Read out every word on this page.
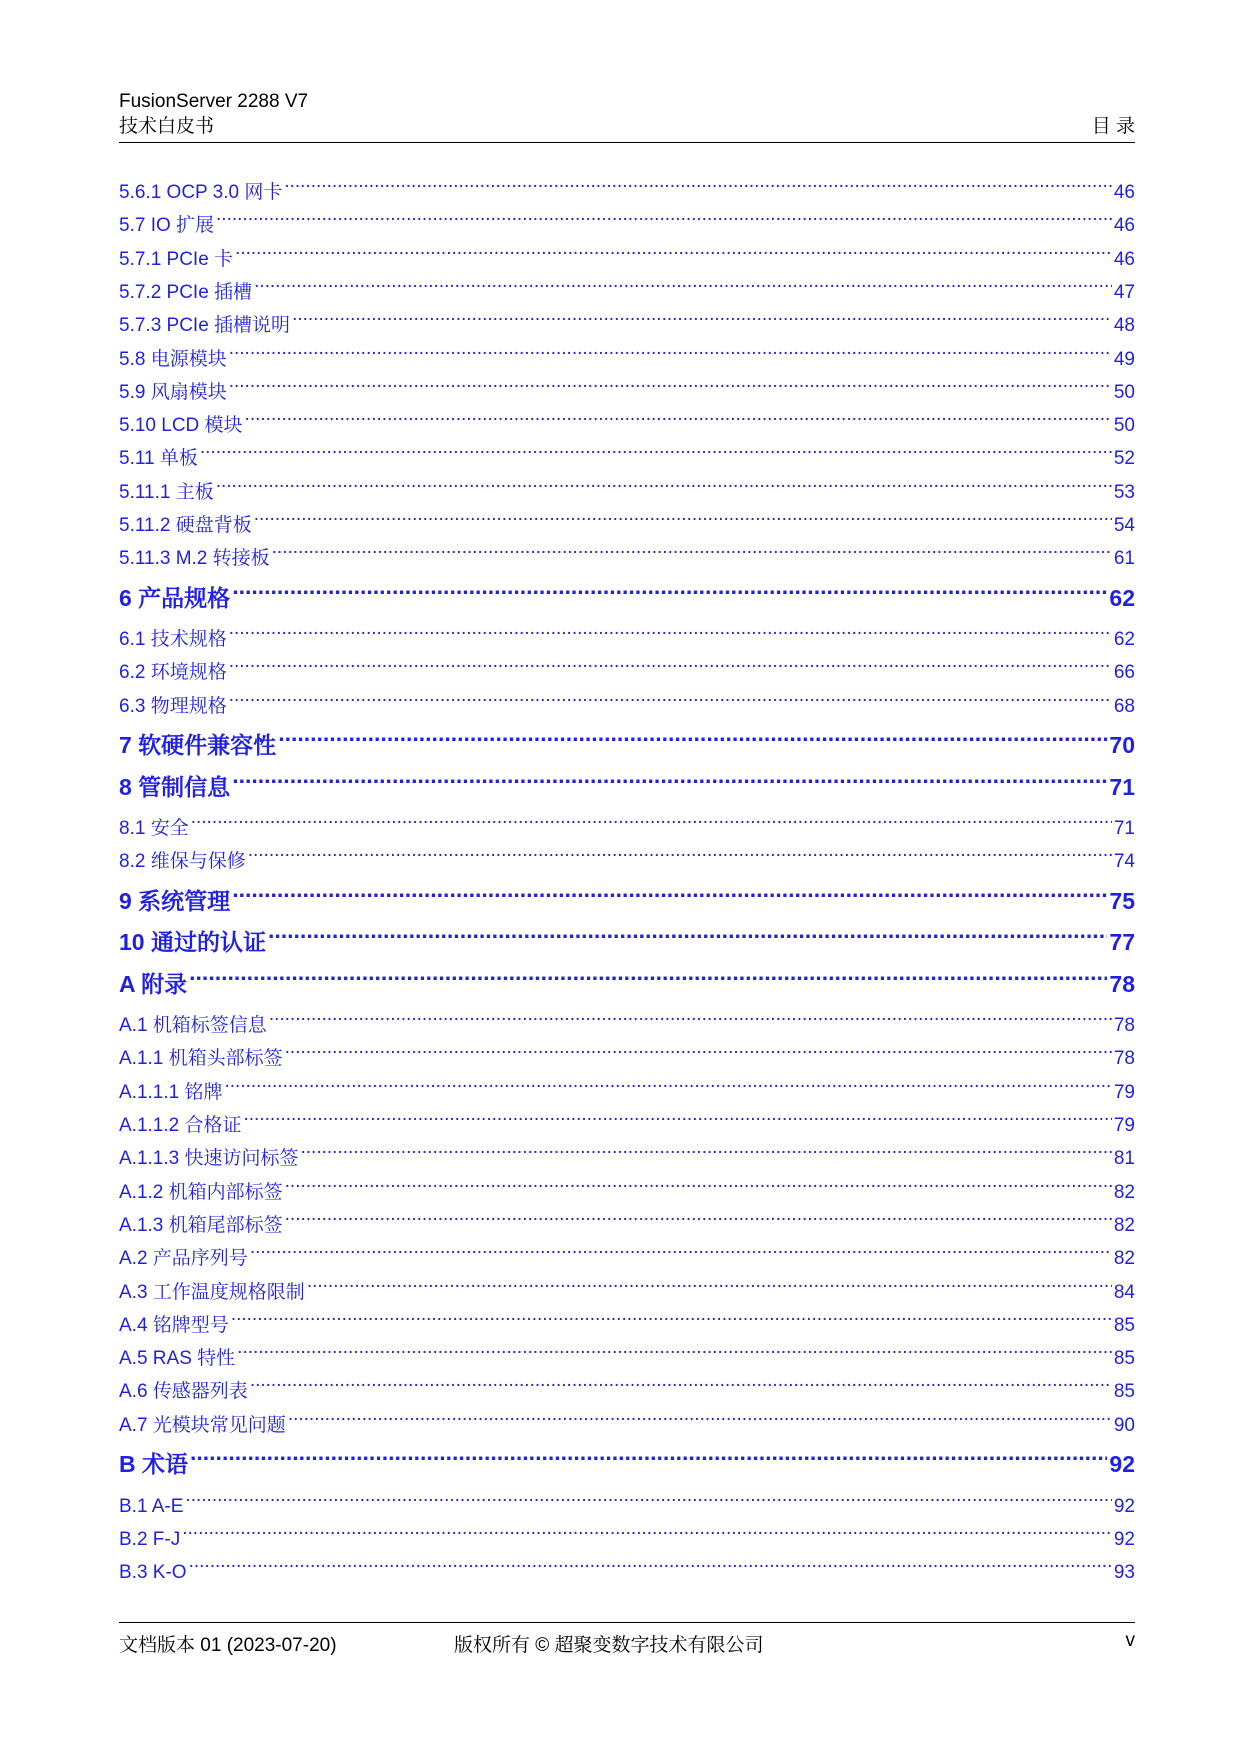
FusionServer 2288 V7
技术白皮书	目 录
5.6.1 OCP 3.0 网卡 .....	46
5.7 IO 扩展 .....	46
5.7.1 PCIe 卡 .....	46
5.7.2 PCIe 插槽 .....	47
5.7.3 PCIe 插槽说明 .....	48
5.8 电源模块 .....	49
5.9 风扇模块 .....	50
5.10 LCD 模块 .....	50
5.11 单板 .....	52
5.11.1 主板 .....	53
5.11.2 硬盘背板 .....	54
5.11.3 M.2 转接板 .....	61
6 产品规格 .....	62
6.1 技术规格 .....	62
6.2 环境规格 .....	66
6.3 物理规格 .....	68
7 软硬件兼容性 .....	70
8 管制信息 .....	71
8.1 安全 .....	71
8.2 维保与保修 .....	74
9 系统管理 .....	75
10 通过的认证 .....	77
A 附录 .....	78
A.1 机箱标签信息 .....	78
A.1.1 机箱头部标签 .....	78
A.1.1.1 铭牌 .....	79
A.1.1.2 合格证 .....	79
A.1.1.3 快速访问标签 .....	81
A.1.2 机箱内部标签 .....	82
A.1.3 机箱尾部标签 .....	82
A.2 产品序列号 .....	82
A.3 工作温度规格限制 .....	84
A.4 铭牌型号 .....	85
A.5 RAS 特性 .....	85
A.6 传感器列表 .....	85
A.7 光模块常见问题 .....	90
B 术语 .....	92
B.1 A-E .....	92
B.2 F-J .....	92
B.3 K-O .....	93
文档版本 01 (2023-07-20)	版权所有 © 超聚变数字技术有限公司	v
